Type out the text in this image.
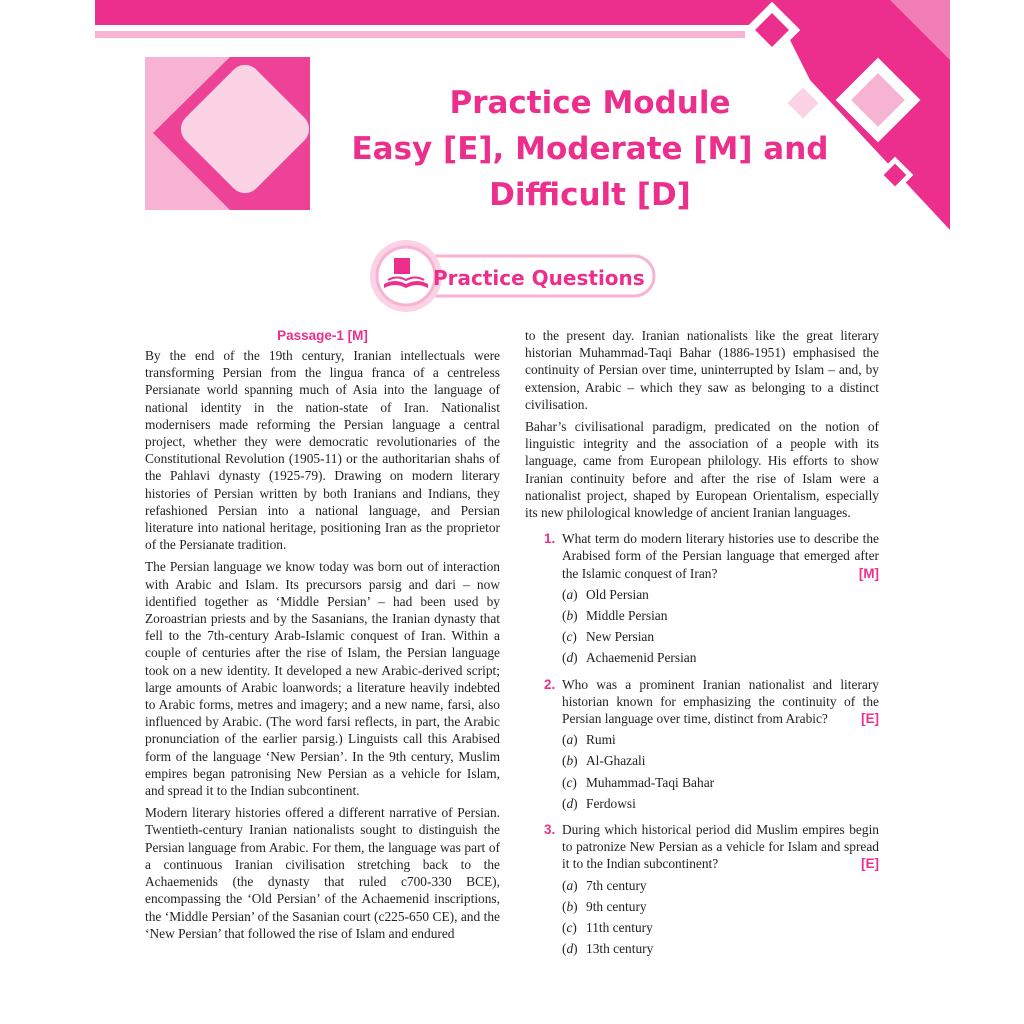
Practice Module
Easy [E], Moderate [M] and
Difficult [D]
Practice Questions
Passage-1 [M]

By the end of the 19th century, Iranian intellectuals were transforming Persian from the lingua franca of a centreless Persianate world spanning much of Asia into the language of national identity in the nation-state of Iran. Nationalist modernisers made reforming the Persian language a central project, whether they were democratic revolutionaries of the Constitutional Revolution (1905-11) or the authoritarian shahs of the Pahlavi dynasty (1925-79). Drawing on modern literary histories of Persian written by both Iranians and Indians, they refashioned Persian into a national language, and Persian literature into national heritage, positioning Iran as the proprietor of the Persianate tradition.

The Persian language we know today was born out of interaction with Arabic and Islam. Its precursors parsig and dari – now identified together as ‘Middle Persian’ – had been used by Zoroastrian priests and by the Sasanians, the Iranian dynasty that fell to the 7th-century Arab-Islamic conquest of Iran. Within a couple of centuries after the rise of Islam, the Persian language took on a new identity. It developed a new Arabic-derived script; large amounts of Arabic loanwords; a literature heavily indebted to Arabic forms, metres and imagery; and a new name, farsi, also influenced by Arabic. (The word farsi reflects, in part, the Arabic pronunciation of the earlier parsig.) Linguists call this Arabised form of the language ‘New Persian’. In the 9th century, Muslim empires began patronising New Persian as a vehicle for Islam, and spread it to the Indian subcontinent.

Modern literary histories offered a different narrative of Persian. Twentieth-century Iranian nationalists sought to distinguish the Persian language from Arabic. For them, the language was part of a continuous Iranian civilisation stretching back to the Achaemenids (the dynasty that ruled c700-330 BCE), encompassing the ‘Old Persian’ of the Achaemenid inscriptions, the ‘Middle Persian’ of the Sasanian court (c225-650 CE), and the ‘New Persian’ that followed the rise of Islam and endured

to the present day. Iranian nationalists like the great literary historian Muhammad-Taqi Bahar (1886-1951) emphasised the continuity of Persian over time, uninterrupted by Islam – and, by extension, Arabic – which they saw as belonging to a distinct civilisation.

Bahar’s civilisational paradigm, predicated on the notion of linguistic integrity and the association of a people with its language, came from European philology. His efforts to show Iranian continuity before and after the rise of Islam were a nationalist project, shaped by European Orientalism, especially its new philological knowledge of ancient Iranian languages.

1. What term do modern literary histories use to describe the Arabised form of the Persian language that emerged after the Islamic conquest of Iran?	[M]
(a) Old Persian
(b) Middle Persian
(c) New Persian
(d) Achaemenid Persian
2. Who was a prominent Iranian nationalist and literary historian known for emphasizing the continuity of the Persian language over time, distinct from Arabic? [E]
(a) Rumi
(b) Al-Ghazali
(c) Muhammad-Taqi Bahar
(d) Ferdowsi
3. During which historical period did Muslim empires begin to patronize New Persian as a vehicle for Islam and spread it to the Indian subcontinent?	[E]
(a) 7th century
(b) 9th century
(c) 11th century
(d) 13th century
